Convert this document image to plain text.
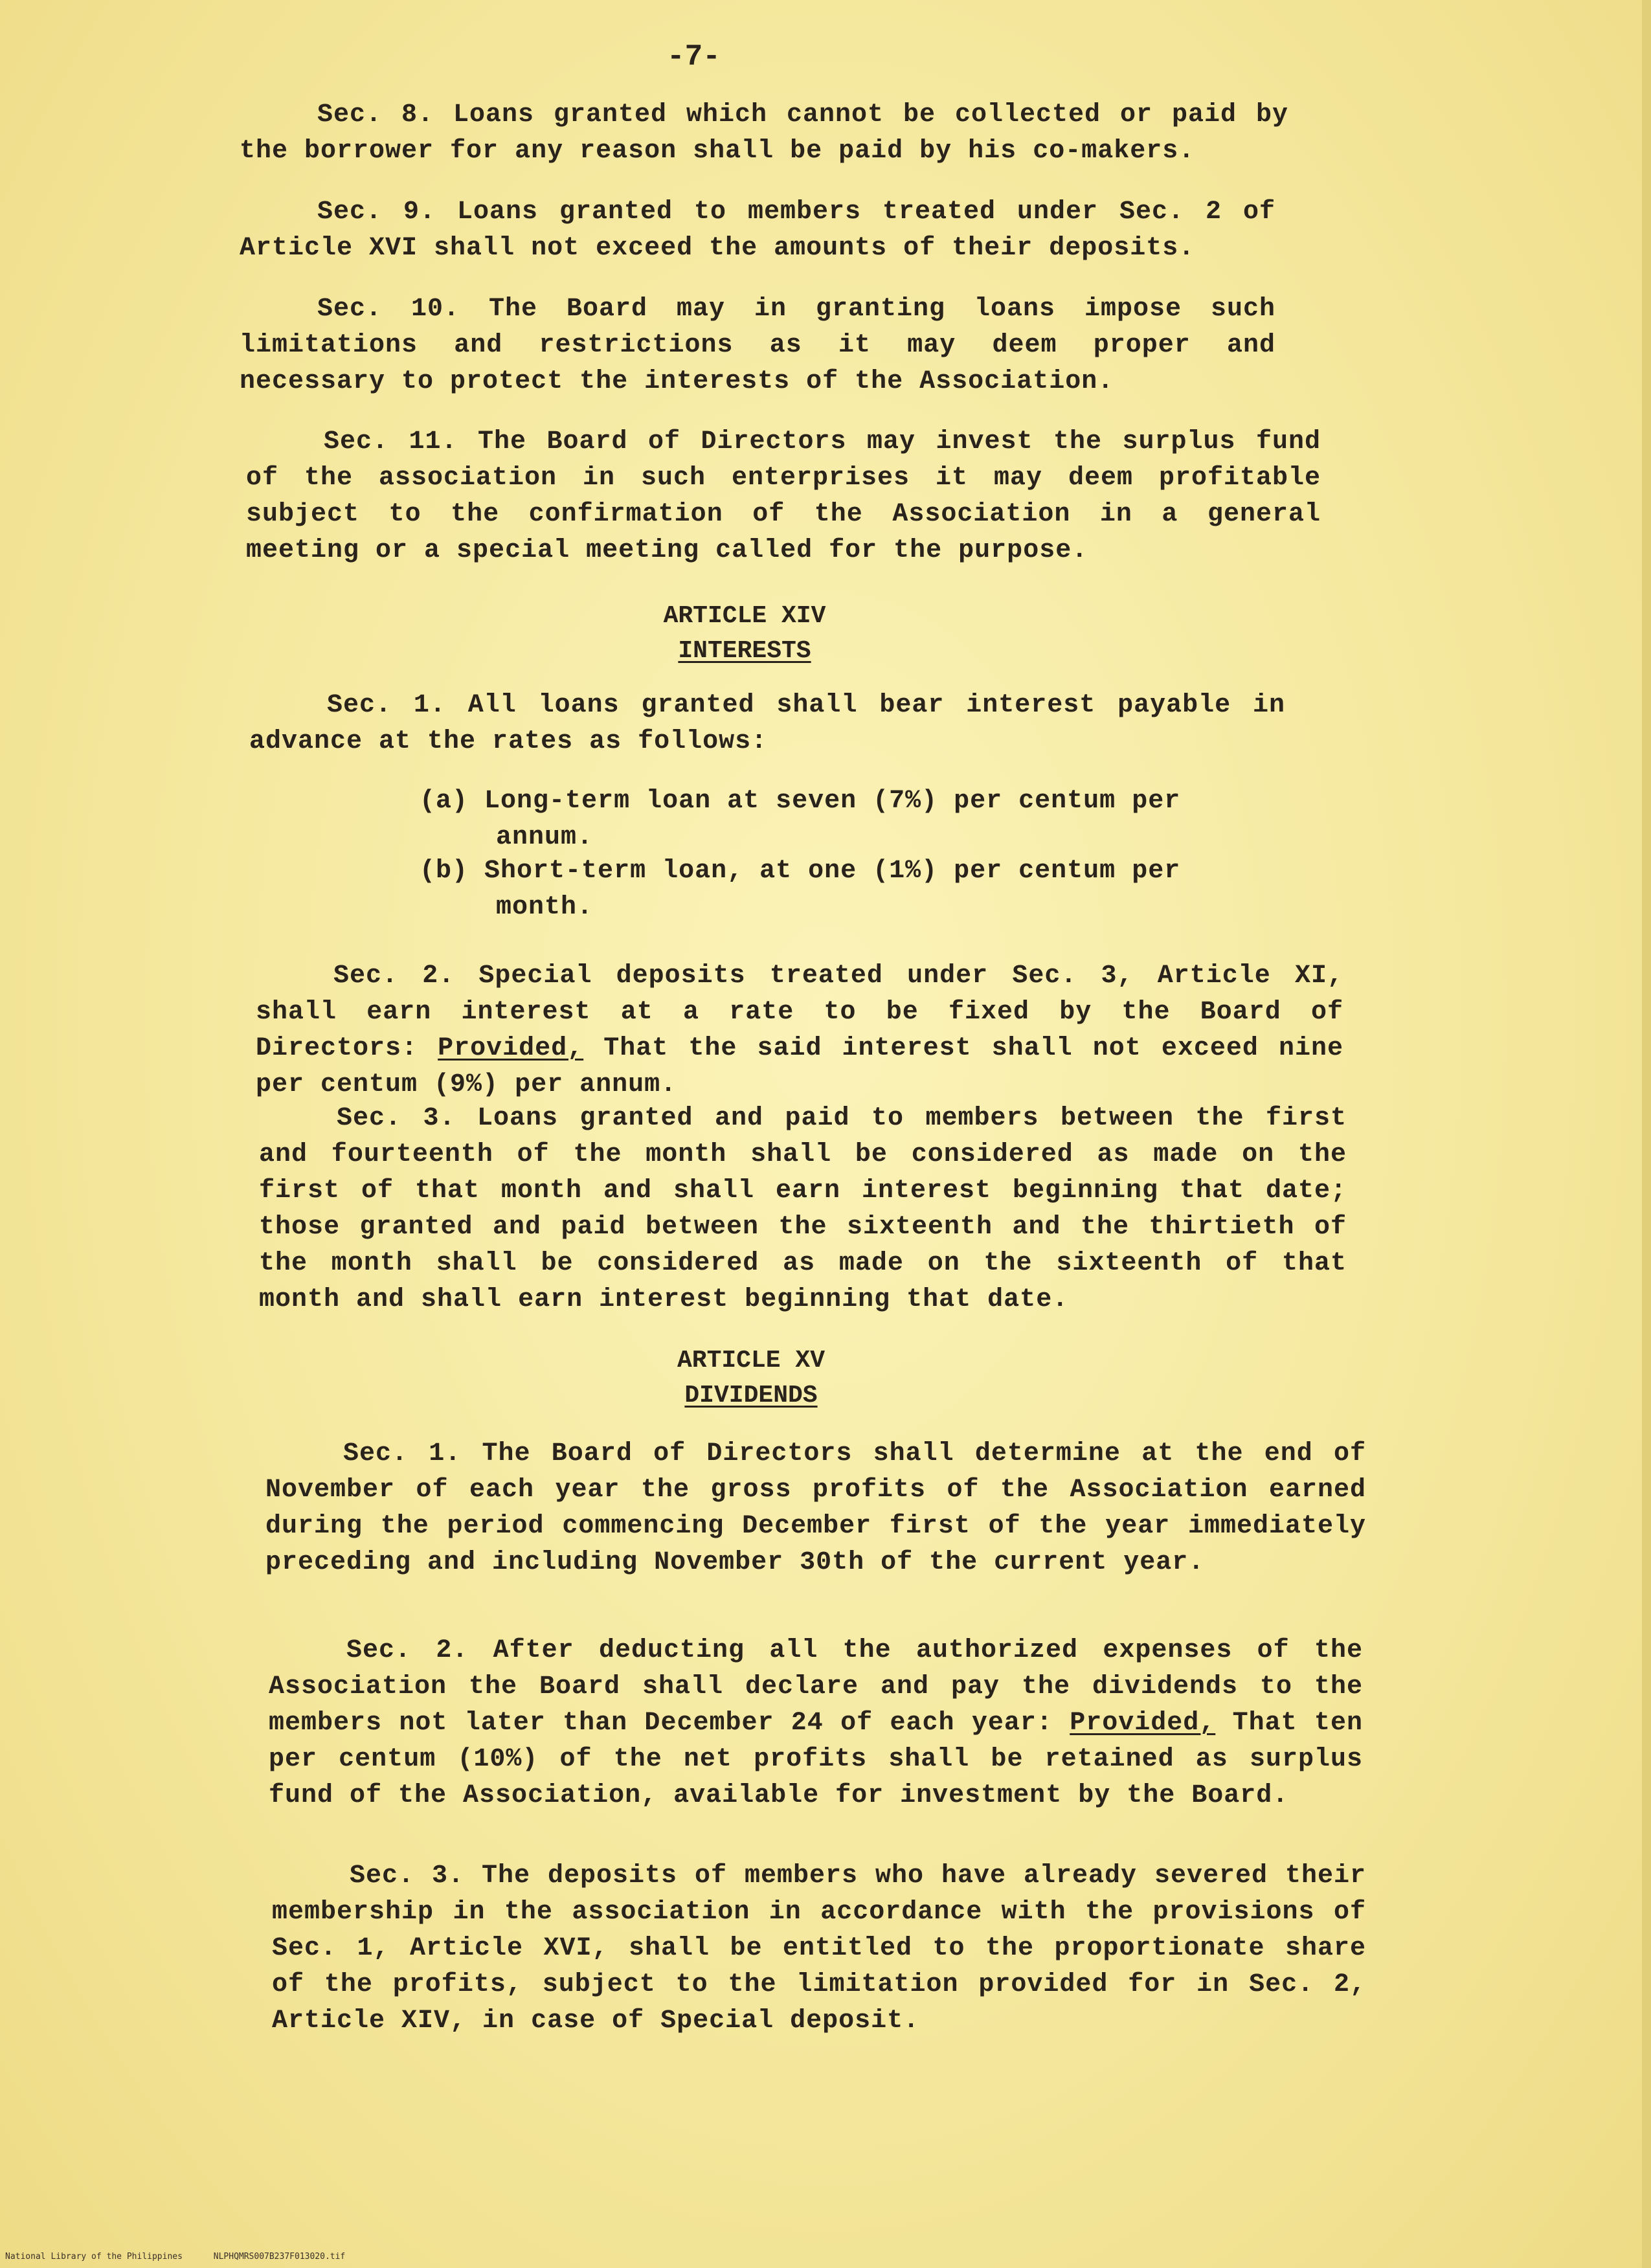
-7-

Sec. 8. Loans granted which cannot be collected or paid by the borrower for any reason shall be paid by his co-makers.

Sec. 9. Loans granted to members treated under Sec. 2 of Article XVI shall not exceed the amounts of their deposits.

Sec. 10. The Board may in granting loans impose such limitations and restrictions as it may deem proper and necessary to protect the interests of the Association.

Sec. 11. The Board of Directors may invest the surplus fund of the association in such enterprises it may deem profitable subject to the confirmation of the Association in a general meeting or a special meeting called for the purpose.

ARTICLE XIV
INTERESTS

Sec. 1. All loans granted shall bear interest payable in advance at the rates as follows:

(a) Long-term loan at seven (7%) per centum per
annum.
(b) Short-term loan, at one (1%) per centum per
month.

Sec. 2. Special deposits treated under Sec. 3, Article XI, shall earn interest at a rate to be fixed by the Board of Directors: Provided, That the said interest shall not exceed nine per centum (9%) per annum.

Sec. 3. Loans granted and paid to members between the first and fourteenth of the month shall be considered as made on the first of that month and shall earn interest beginning that date; those granted and paid between the sixteenth and the thirtieth of the month shall be considered as made on the sixteenth of that month and shall earn interest beginning that date.

ARTICLE XV
DIVIDENDS

Sec. 1. The Board of Directors shall determine at the end of November of each year the gross profits of the Association earned during the period commencing December first of the year immediately preceding and including November 30th of the current year.

Sec. 2. After deducting all the authorized expenses of the Association the Board shall declare and pay the dividends to the members not later than December 24 of each year: Provided, That ten per centum (10%) of the net profits shall be retained as surplus fund of the Association, available for investment by the Board.

Sec. 3. The deposits of members who have already severed their membership in the association in accordance with the provisions of Sec. 1, Article XVI, shall be entitled to the proportionate share of the profits, subject to the limitation provided for in Sec. 2, Article XIV, in case of Special deposit.

National Library of the Philippines	NLPHQMRS007B237F013020.tif
